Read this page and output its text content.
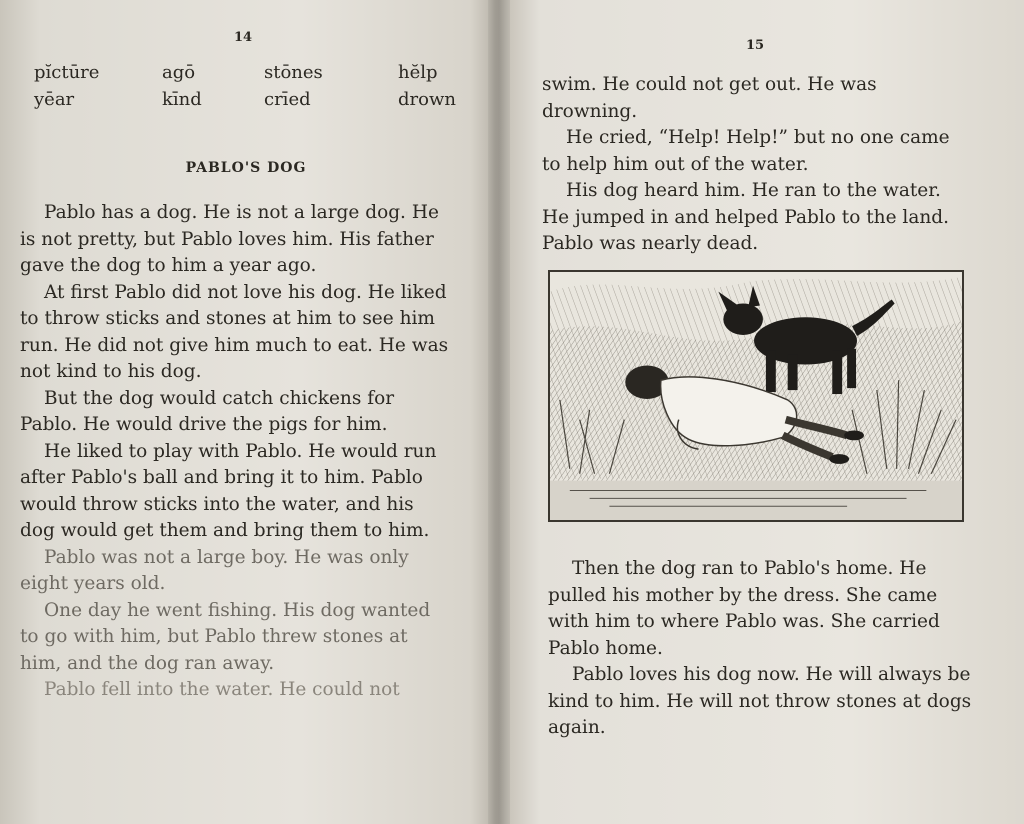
14
pĭctūre	agō	stōnes	hĕlp
yēar	kīnd	crīed	drown
PABLO'S DOG

Pablo has a dog. He is not a large dog. He is not pretty, but Pablo loves him. His father gave the dog to him a year ago.

At first Pablo did not love his dog. He liked to throw sticks and stones at him to see him run. He did not give him much to eat. He was not kind to his dog.

But the dog would catch chickens for Pablo. He would drive the pigs for him.

He liked to play with Pablo. He would run after Pablo's ball and bring it to him. Pablo would throw sticks into the water, and his dog would get them and bring them to him.

Pablo was not a large boy. He was only eight years old.

One day he went fishing. His dog wanted to go with him, but Pablo threw stones at him, and the dog ran away.

Pablo fell into the water. He could not

15

swim. He could not get out. He was drowning.

He cried, “Help! Help!” but no one came to help him out of the water.

His dog heard him. He ran to the water. He jumped in and helped Pablo to the land. Pablo was nearly dead.

Then the dog ran to Pablo's home. He pulled his mother by the dress. She came with him to where Pablo was. She carried Pablo home.

Pablo loves his dog now. He will always be kind to him. He will not throw stones at dogs again.
